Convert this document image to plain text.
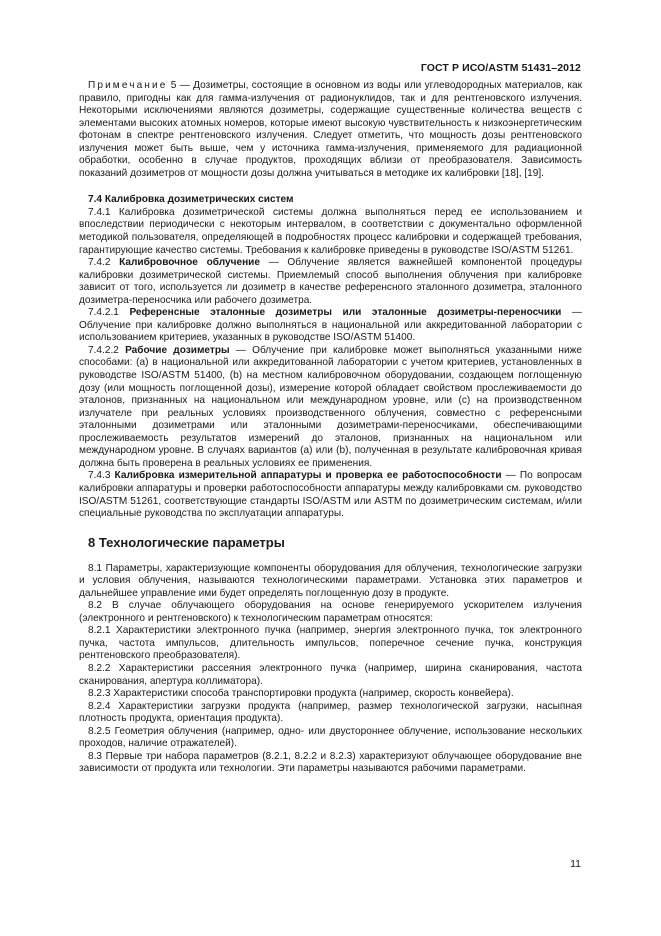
ГОСТ Р ИСО/ASTM 51431–2012

Примечание 5 — Дозиметры, состоящие в основном из воды или углеводородных материалов, как правило, пригодны как для гамма-излучения от радионуклидов, так и для рентгеновского излучения. Некоторыми исключениями являются дозиметры, содержащие существенные количества веществ с элементами высоких атомных номеров, которые имеют высокую чувствительность к низкоэнергетическим фотонам в спектре рентгеновского излучения. Следует отметить, что мощность дозы рентгеновского излучения может быть выше, чем у источника гамма-излучения, применяемого для радиационной обработки, особенно в случае продуктов, проходящих вблизи от преобразователя. Зависимость показаний дозиметров от мощности дозы должна учитываться в методике их калибровки [18], [19].

7.4 Калибровка дозиметрических систем

7.4.1 Калибровка дозиметрической системы должна выполняться перед ее использованием и впоследствии периодически с некоторым интервалом, в соответствии с документально оформленной методикой пользователя, определяющей в подробностях процесс калибровки и содержащей требования, гарантирующие качество системы. Требования к калибровке приведены в руководстве ISO/ASTM 51261.

7.4.2 Калибровочное облучение — Облучение является важнейшей компонентой процедуры калибровки дозиметрической системы. Приемлемый способ выполнения облучения при калибровке зависит от того, используется ли дозиметр в качестве референсного эталонного дозиметра, эталонного дозиметра-переносчика или рабочего дозиметра.

7.4.2.1 Референсные эталонные дозиметры или эталонные дозиметры-переносчики — Облучение при калибровке должно выполняться в национальной или аккредитованной лаборатории с использованием критериев, указанных в руководстве ISO/ASTM 51400.

7.4.2.2 Рабочие дозиметры — Облучение при калибровке может выполняться указанными ниже способами: (a) в национальной или аккредитованной лаборатории с учетом критериев, установленных в руководстве ISO/ASTM 51400, (b) на местном калибровочном оборудовании, создающем поглощенную дозу (или мощность поглощенной дозы), измерение которой обладает свойством прослеживаемости до эталонов, признанных на национальном или международном уровне, или (c) на производственном излучателе при реальных условиях производственного облучения, совместно с референсными эталонными дозиметрами или эталонными дозиметрами-переносчиками, обеспечивающими прослеживаемость результатов измерений до эталонов, признанных на национальном или международном уровне. В случаях вариантов (a) или (b), полученная в результате калибровочная кривая должна быть проверена в реальных условиях ее применения.

7.4.3 Калибровка измерительной аппаратуры и проверка ее работоспособности — По вопросам калибровки аппаратуры и проверки работоспособности аппаратуры между калибровками см. руководство ISO/ASTM 51261, соответствующие стандарты ISO/ASTM или ASTM по дозиметрическим системам, и/или специальные руководства по эксплуатации аппаратуры.

8 Технологические параметры

8.1 Параметры, характеризующие компоненты оборудования для облучения, технологические загрузки и условия облучения, называются технологическими параметрами. Установка этих параметров и дальнейшее управление ими будет определять поглощенную дозу в продукте.

8.2 В случае облучающего оборудования на основе генерируемого ускорителем излучения (электронного и рентгеновского) к технологическим параметрам относятся:

8.2.1 Характеристики электронного пучка (например, энергия электронного пучка, ток электронного пучка, частота импульсов, длительность импульсов, поперечное сечение пучка, конструкция рентгеновского преобразователя).

8.2.2 Характеристики рассеяния электронного пучка (например, ширина сканирования, частота сканирования, апертура коллиматора).

8.2.3 Характеристики способа транспортировки продукта (например, скорость конвейера).

8.2.4 Характеристики загрузки продукта (например, размер технологической загрузки, насыпная плотность продукта, ориентация продукта).

8.2.5 Геометрия облучения (например, одно- или двустороннее облучение, использование нескольких проходов, наличие отражателей).

8.3 Первые три набора параметров (8.2.1, 8.2.2 и 8.2.3) характеризуют облучающее оборудование вне зависимости от продукта или технологии. Эти параметры называются рабочими параметрами.

11
